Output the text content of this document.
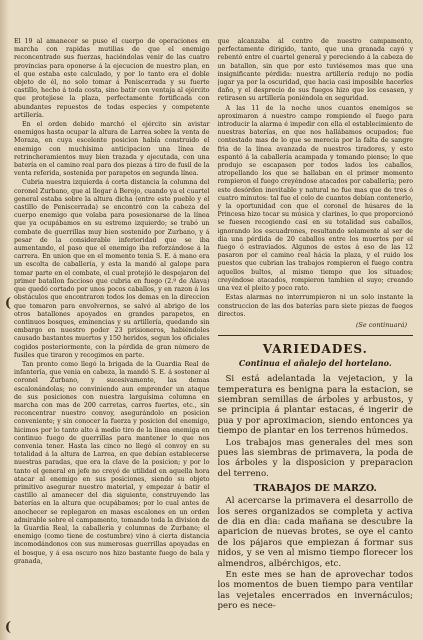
(
(

El 19 al amanecer se puso el cuerpo de operaciones en marcha con rapidas mutilias de que el enemigo reconcentrado sus fuerzas, haciéndolas venir de las cuatro provincias para oponerse á la ejecucion de nuestro plan, en el que estaba este calculado, y por lo tanto era el doble objeto de él, no solo tomar á Peniscerrada y su fuerte castillo, hecho á toda costa, sino batir con ventaja al ejército que protejiese la plaza, perfectamente fortificada con abundantes repuestos de todas especies y competente artillería.

En el orden debido marchó el ejército sin avistar enemigos hasta ocupar la altura de Larrea sobre la venta de Moraza, en cuya escelente posicion había construido el enemigo con muchísima anticipacion una línea de retrincheramientos muy bien trazada y ejecutada, con una batería en el camino real para dos piezas á tiro de fusil de la venta referida, sostenida por parapetos en segunda línea.

Cubria nuestra izquierda á corta distancia la columna del coronel Zurbano, que al llegar á Berojo, cuando ya el cuartel general estaba sobre la altura dicha (entre este pueblo y el castillo de Peniscerrada) se encontró con la cabeza del cuerpo enemigo que volaba para posesionarse de la línea que ya ocupábamos en su estremo izquierdo; se trabó un combate de guerrillas muy bien sostenido por Zurbano, y á pesar de la considerable inferioridad que se iba aumentando, el paso que el enemigo iba reforzándose á la carrera. En union que en el momento tenia S. E. á mano era un escolta de caballería, y esta la mandó al galope para tomar parte en el combate, el cual protejió le despejaron del primer batallon faccioso que cubria en fuego (2.º de Alava) que quedó cortado por unos pocos caballos, y en razon á los obstáculos que encontraron todos los demas en la direccion que tomaron para envolvernos, se salvó al abrigo de los otros batallones apoyados en grandes parapetos, en continuos bosques, eminencias y su artillería, quedando sin embargo en nuestro poder 23 prisioneros, habiéndoles causado bastantes muertos y 150 heridos, segun los oficiales cogidos posteriormente, con la pérdida de gran número de fusiles que tiraron y recogimos en parte.

Tan pronto como llegó la brigada de la Guardia Real de infantería, que venia en cabeza, la mandó S. E. á sostener al coronel Zurbano, y sucesivamente, las demas escalonándolas; no conviniendo aun emprender un ataque de sus posiciones con nuestra larguísima columna en marcha con mas de 200 carretas, carros fuertes, etc., sin reconcentrar nuestro convoy, asegurándolo en posicion conveniente; y sin conocer la fuerza y posicion del enemigo, hicimos por lo tanto alto á medio tiro de la línea enemiga en continuo fuego de guerrillas para mantener lo que nos convenia tener. Hasta las cinco no llegó el convoy en su totalidad á la altura de Larrea, en que debían establecerse nuestras paradas, que era la clave de la posicion; y por lo tanto el general en jefe no creyó de utilidad en aquella hora atacar al enemigo en sus posiciones, siendo su objeto primitivo asegurar nuestro material, y empezar á batir el castillo al amanecer del dia siguiente, construyendo las baterías en la altura que ocupábamos; por lo cual antes de anochecer se replegaron en masas escalones en un orden admirable sobre el campamento, tomando toda la division de la Guardia Real, la caballería y columnas de Zurbano; el enemigo (como tiene de costumbre) vino á cierta distancia incomodándonos con sus numerosas guerrillas apoyadas en el bosque, y á esa oscuro nos hizo bastante fuego de bala y granada,

que alcanzaba al centro de nuestro campamento, perfectamente dirigido, tanto, que una granada cayó y rebentó entre el cuartel general y pereciendo á la cabeza de un batallon, sin que por esto tuviésemos mas que una insignificante pérdida: nuestra artillería redujo no podía jugar ya por la oscuridad, que hacia casi imposible hacerles daño, y el desprecio de sus fuegos hizo que los cesasen, y retirasen su artillería poniéndola en seguridad.

A las 11 de la noche unos cuantos enemigos se aproximaron á nuestro campo rompiendo el fuego para introducir la alarma é impedir con ella el establecimiento de nuestras baterías, en que nos hallábamos ocupados; fue contestado mas de lo que se merecia por la falta de sangre fria de la línea avanzada de nuestros tiradores, y esto espantó á la caballería acampada y tomando pienso; lo que produjo se escapasen por todos lados los caballos, atropellando los que se hallaban en el primer momento rompieron el fuego creyéndose atacados por caballería; pero este desórden inevitable y natural no fue mas que de tres ó cuatro minutos: tal fue el celo de cuantos debían contenerlo, y la oportunidad con que el coronel de húsares de la Princesa hizo tocar su música y clarines, lo que proporcionó se fuesen recogiendo casi en su totalidad sus caballos, ignorando los escuadrones, resultando solamente al ser de dia una pérdida de 20 caballos entre los muertos por el fuego ó estraviados. Algunos de estos á eso de las 12 pasaron por el camino real hácia la plaza, y el ruido los puestos que cubrian las trabajos rompieron el fuego contra aquellos bultos, al mismo tiempo que los situados; creyéndose atacados, rompieron tambien el suyo; creando una vez el pleito y poco rato.

Estas alarmas no interrumpieron ni un solo instante la construccion de las dos baterías para siete piezas de fuegos directos.

(Se continuará)
VARIEDADES.
Continua el añalejo del hortelano.

Si está adelantada la vejetacion, y la temperatura es benigna para la estacion, se siembran semillas de árboles y arbustos, y se principia á plantar estacas, é ingerir de pua y por aproximacion, siendo entonces ya tiempo de plantar en los terrenos húmedos.

Los trabajos mas generales del mes son pues las siembras de primavera, la poda de los árboles y la disposicion y preparacion del terreno.

TRABAJOS DE MARZO.

Al acercarse la primavera el desarrollo de los seres organizados se completa y activa de dia en dia: cada mañana se descubre la aparicion de nuevas brotes, se oye el canto de los pájaros que empiezan á formar sus nidos, y se ven al mismo tiempo florecer los almendros, albérchigos, etc.

En este mes se han de aprovechar todos los momentos de buen tiempo para ventilar las vejetales encerrados en invernáculos; pero es nece-
